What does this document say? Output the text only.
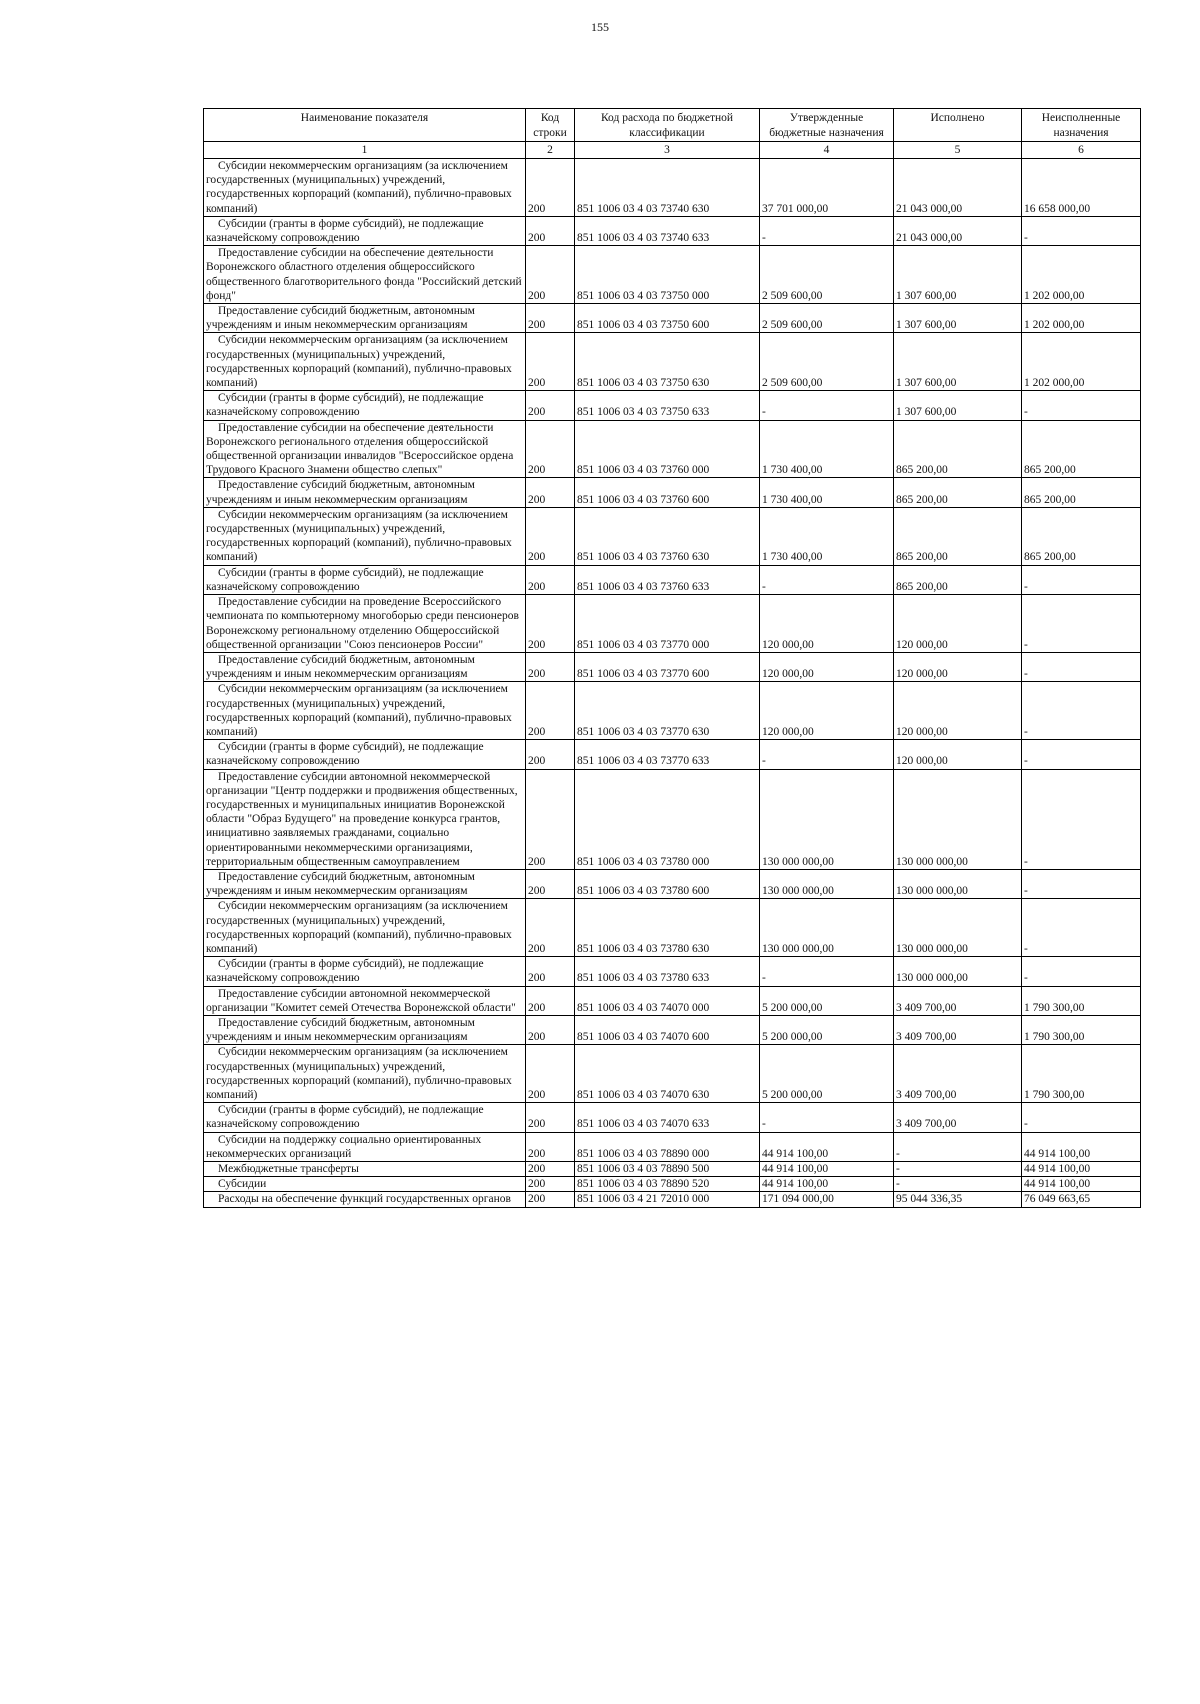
155
Наименование показателя	Код строки	Код расхода по бюджетной классификации	Утвержденные бюджетные назначения	Исполнено	Неисполненные назначения
1	2	3	4	5	6
Субсидии некоммерческим организациям (за исключением государственных (муниципальных) учреждений, государственных корпораций (компаний), публично-правовых компаний)	200	851 1006 03 4 03 73740 630	37 701 000,00	21 043 000,00	16 658 000,00
Субсидии (гранты в форме субсидий), не подлежащие казначейскому сопровождению	200	851 1006 03 4 03 73740 633	-	21 043 000,00	-
Предоставление субсидии на обеспечение деятельности Воронежского областного отделения общероссийского общественного благотворительного фонда "Российский детский фонд"	200	851 1006 03 4 03 73750 000	2 509 600,00	1 307 600,00	1 202 000,00
Предоставление субсидий бюджетным, автономным учреждениям и иным некоммерческим организациям	200	851 1006 03 4 03 73750 600	2 509 600,00	1 307 600,00	1 202 000,00
Субсидии некоммерческим организациям (за исключением государственных (муниципальных) учреждений, государственных корпораций (компаний), публично-правовых компаний)	200	851 1006 03 4 03 73750 630	2 509 600,00	1 307 600,00	1 202 000,00
Субсидии (гранты в форме субсидий), не подлежащие казначейскому сопровождению	200	851 1006 03 4 03 73750 633	-	1 307 600,00	-
Предоставление субсидии на обеспечение деятельности Воронежского регионального отделения общероссийской общественной организации инвалидов "Всероссийское ордена Трудового Красного Знамени общество слепых"	200	851 1006 03 4 03 73760 000	1 730 400,00	865 200,00	865 200,00
Предоставление субсидий бюджетным, автономным учреждениям и иным некоммерческим организациям	200	851 1006 03 4 03 73760 600	1 730 400,00	865 200,00	865 200,00
Субсидии некоммерческим организациям (за исключением государственных (муниципальных) учреждений, государственных корпораций (компаний), публично-правовых компаний)	200	851 1006 03 4 03 73760 630	1 730 400,00	865 200,00	865 200,00
Субсидии (гранты в форме субсидий), не подлежащие казначейскому сопровождению	200	851 1006 03 4 03 73760 633	-	865 200,00	-
Предоставление субсидии на проведение Всероссийского чемпионата по компьютерному многоборью среди пенсионеров Воронежскому региональному отделению Общероссийской общественной организации "Союз пенсионеров России"	200	851 1006 03 4 03 73770 000	120 000,00	120 000,00	-
Предоставление субсидий бюджетным, автономным учреждениям и иным некоммерческим организациям	200	851 1006 03 4 03 73770 600	120 000,00	120 000,00	-
Субсидии некоммерческим организациям (за исключением государственных (муниципальных) учреждений, государственных корпораций (компаний), публично-правовых компаний)	200	851 1006 03 4 03 73770 630	120 000,00	120 000,00	-
Субсидии (гранты в форме субсидий), не подлежащие казначейскому сопровождению	200	851 1006 03 4 03 73770 633	-	120 000,00	-
Предоставление субсидии автономной некоммерческой организации "Центр поддержки и продвижения общественных, государственных и муниципальных инициатив Воронежской области "Образ Будущего" на проведение конкурса грантов, инициативно заявляемых гражданами, социально ориентированными некоммерческими организациями, территориальным общественным самоуправлением	200	851 1006 03 4 03 73780 000	130 000 000,00	130 000 000,00	-
Предоставление субсидий бюджетным, автономным учреждениям и иным некоммерческим организациям	200	851 1006 03 4 03 73780 600	130 000 000,00	130 000 000,00	-
Субсидии некоммерческим организациям (за исключением государственных (муниципальных) учреждений, государственных корпораций (компаний), публично-правовых компаний)	200	851 1006 03 4 03 73780 630	130 000 000,00	130 000 000,00	-
Субсидии (гранты в форме субсидий), не подлежащие казначейскому сопровождению	200	851 1006 03 4 03 73780 633	-	130 000 000,00	-
Предоставление субсидии автономной некоммерческой организации "Комитет семей Отечества Воронежской области"	200	851 1006 03 4 03 74070 000	5 200 000,00	3 409 700,00	1 790 300,00
Предоставление субсидий бюджетным, автономным учреждениям и иным некоммерческим организациям	200	851 1006 03 4 03 74070 600	5 200 000,00	3 409 700,00	1 790 300,00
Субсидии некоммерческим организациям (за исключением государственных (муниципальных) учреждений, государственных корпораций (компаний), публично-правовых компаний)	200	851 1006 03 4 03 74070 630	5 200 000,00	3 409 700,00	1 790 300,00
Субсидии (гранты в форме субсидий), не подлежащие казначейскому сопровождению	200	851 1006 03 4 03 74070 633	-	3 409 700,00	-
Субсидии на поддержку социально ориентированных некоммерческих организаций	200	851 1006 03 4 03 78890 000	44 914 100,00	-	44 914 100,00
Межбюджетные трансферты	200	851 1006 03 4 03 78890 500	44 914 100,00	-	44 914 100,00
Субсидии	200	851 1006 03 4 03 78890 520	44 914 100,00	-	44 914 100,00
Расходы на обеспечение функций государственных органов	200	851 1006 03 4 21 72010 000	171 094 000,00	95 044 336,35	76 049 663,65
